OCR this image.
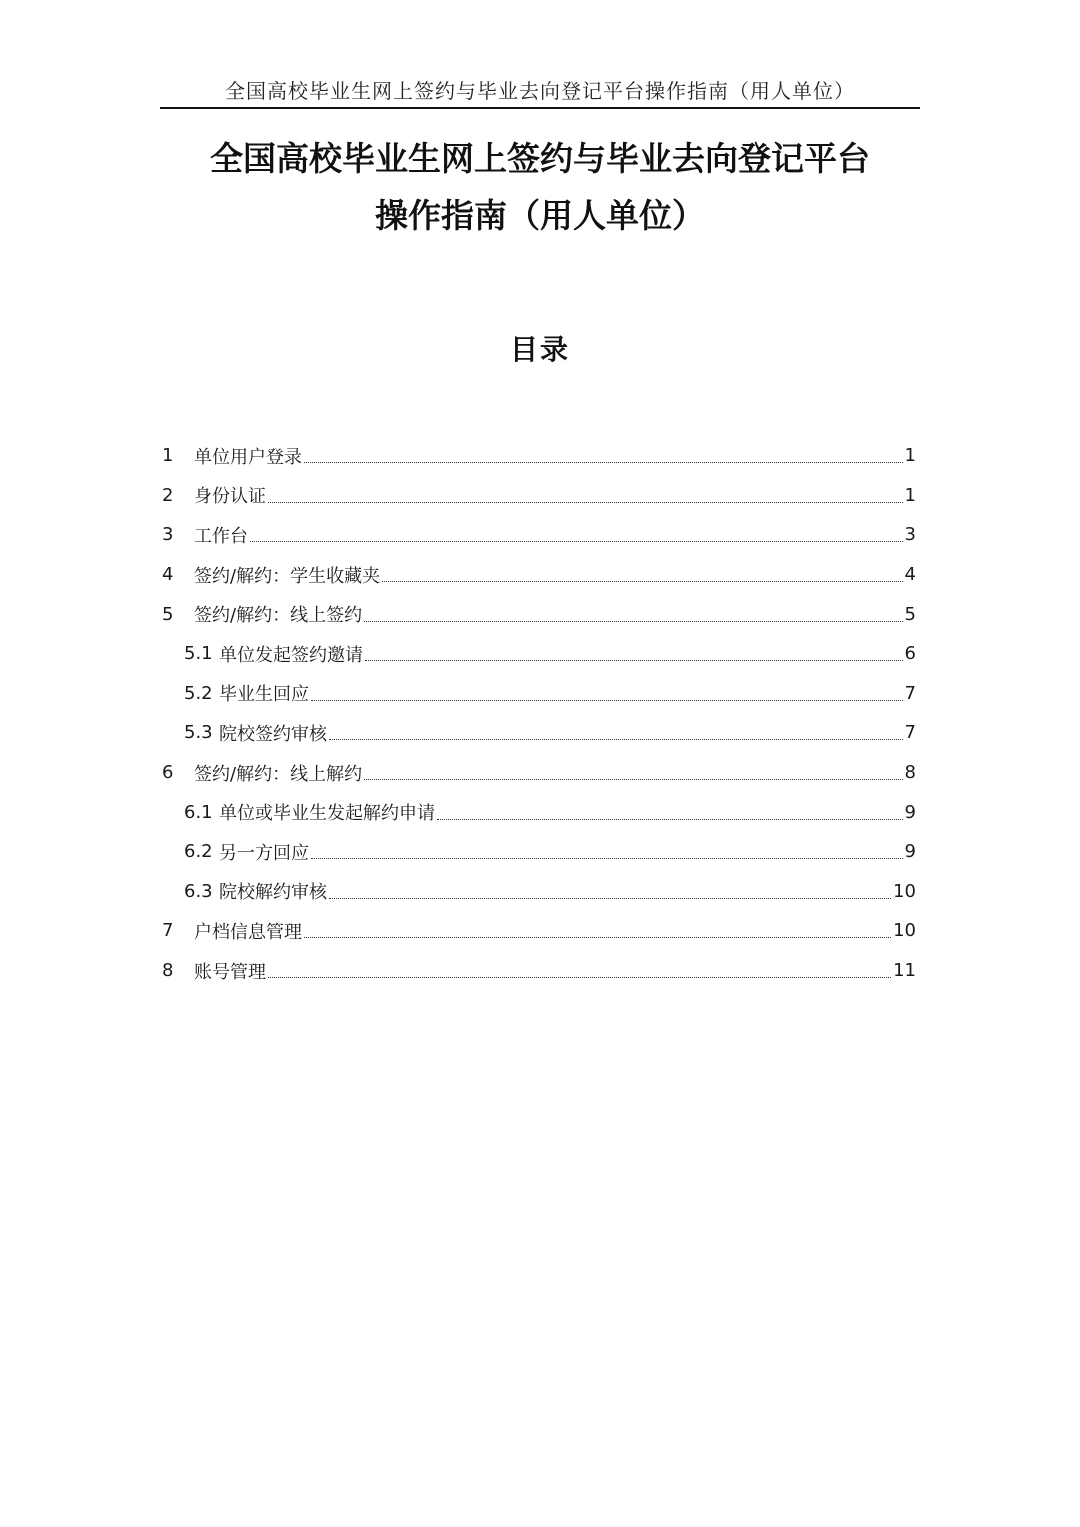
全国高校毕业生网上签约与毕业去向登记平台操作指南（用人单位）
全国高校毕业生网上签约与毕业去向登记平台
操作指南（用人单位）
目录
1	单位用户登录	1
2	身份认证	1
3	工作台	3
4	签约/解约：学生收藏夹	4
5	签约/解约：线上签约	5
5.1 单位发起签约邀请	6
5.2 毕业生回应	7
5.3 院校签约审核	7
6	签约/解约：线上解约	8
6.1 单位或毕业生发起解约申请	9
6.2 另一方回应	9
6.3 院校解约审核	10
7	户档信息管理	10
8	账号管理	11
